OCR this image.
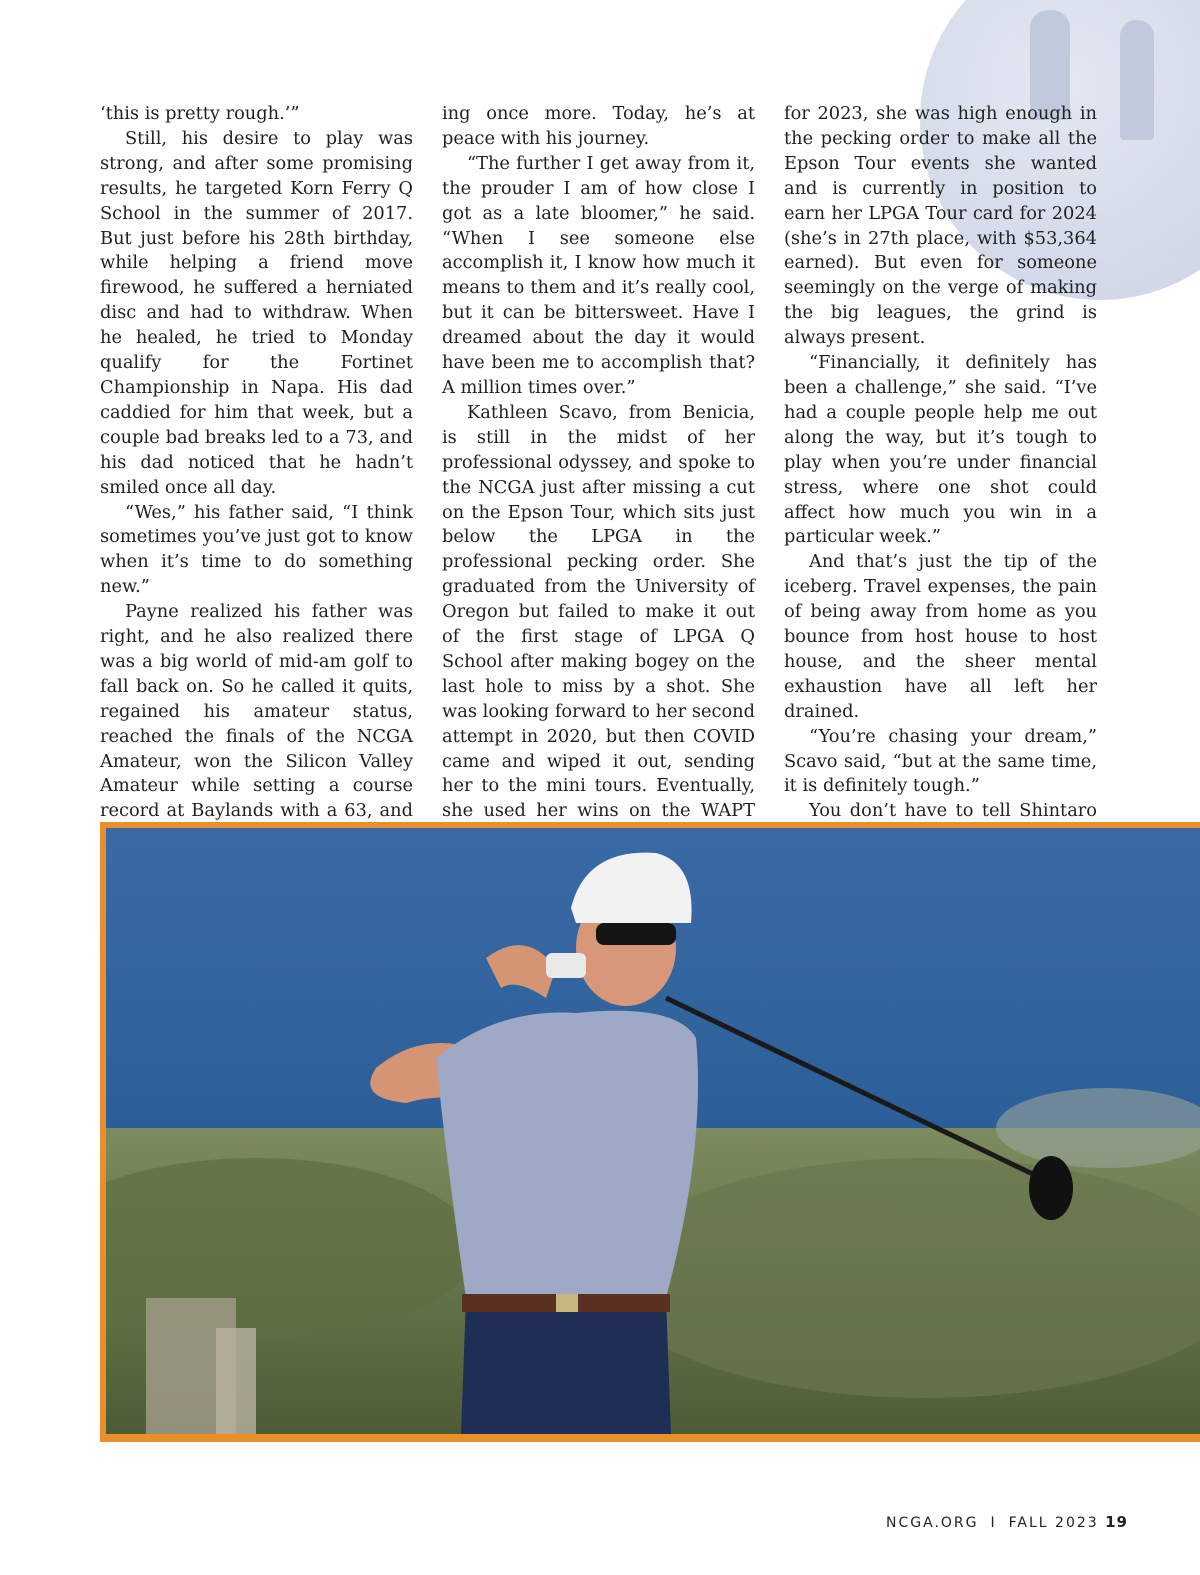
‘this is pretty rough.’”

Still, his desire to play was strong, and after some promising results, he targeted Korn Ferry Q School in the summer of 2017. But just before his 28th birthday, while helping a friend move firewood, he suffered a herniated disc and had to withdraw. When he healed, he tried to Monday qualify for the Fortinet Championship in Napa. His dad caddied for him that week, but a couple bad breaks led to a 73, and his dad noticed that he hadn’t smiled once all day.

“Wes,” his father said, “I think sometimes you’ve just got to know when it’s time to do something new.”

Payne realized his father was right, and he also realized there was a big world of mid-am golf to fall back on. So he called it quits, regained his amateur status, reached the finals of the NCGA Amateur, won the Silicon Valley Amateur while setting a course record at Baylands with a 63, and

ing once more. Today, he’s at peace with his journey.

“The further I get away from it, the prouder I am of how close I got as a late bloomer,” he said. “When I see someone else accomplish it, I know how much it means to them and it’s really cool, but it can be bittersweet. Have I dreamed about the day it would have been me to accomplish that? A million times over.”

Kathleen Scavo, from Benicia, is still in the midst of her professional odyssey, and spoke to the NCGA just after missing a cut on the Epson Tour, which sits just below the LPGA in the professional pecking order. She graduated from the University of Oregon but failed to make it out of the first stage of LPGA Q School after making bogey on the last hole to miss by a shot. She was looking forward to her second attempt in 2020, but then COVID came and wiped it out, sending her to the mini tours. Eventually, she used her wins on the WAPT

for 2023, she was high enough in the pecking order to make all the Epson Tour events she wanted and is currently in position to earn her LPGA Tour card for 2024 (she’s in 27th place, with $53,364 earned). But even for someone seemingly on the verge of making the big leagues, the grind is always present.

“Financially, it definitely has been a challenge,” she said. “I’ve had a couple people help me out along the way, but it’s tough to play when you’re under financial stress, where one shot could affect how much you win in a particular week.”

And that’s just the tip of the iceberg. Travel expenses, the pain of being away from home as you bounce from host house to host house, and the sheer mental exhaustion have all left her drained.

“You’re chasing your dream,” Scavo said, “but at the same time, it is definitely tough.”

You don’t have to tell Shintaro

NCGA.ORG I FALL 2023 19
